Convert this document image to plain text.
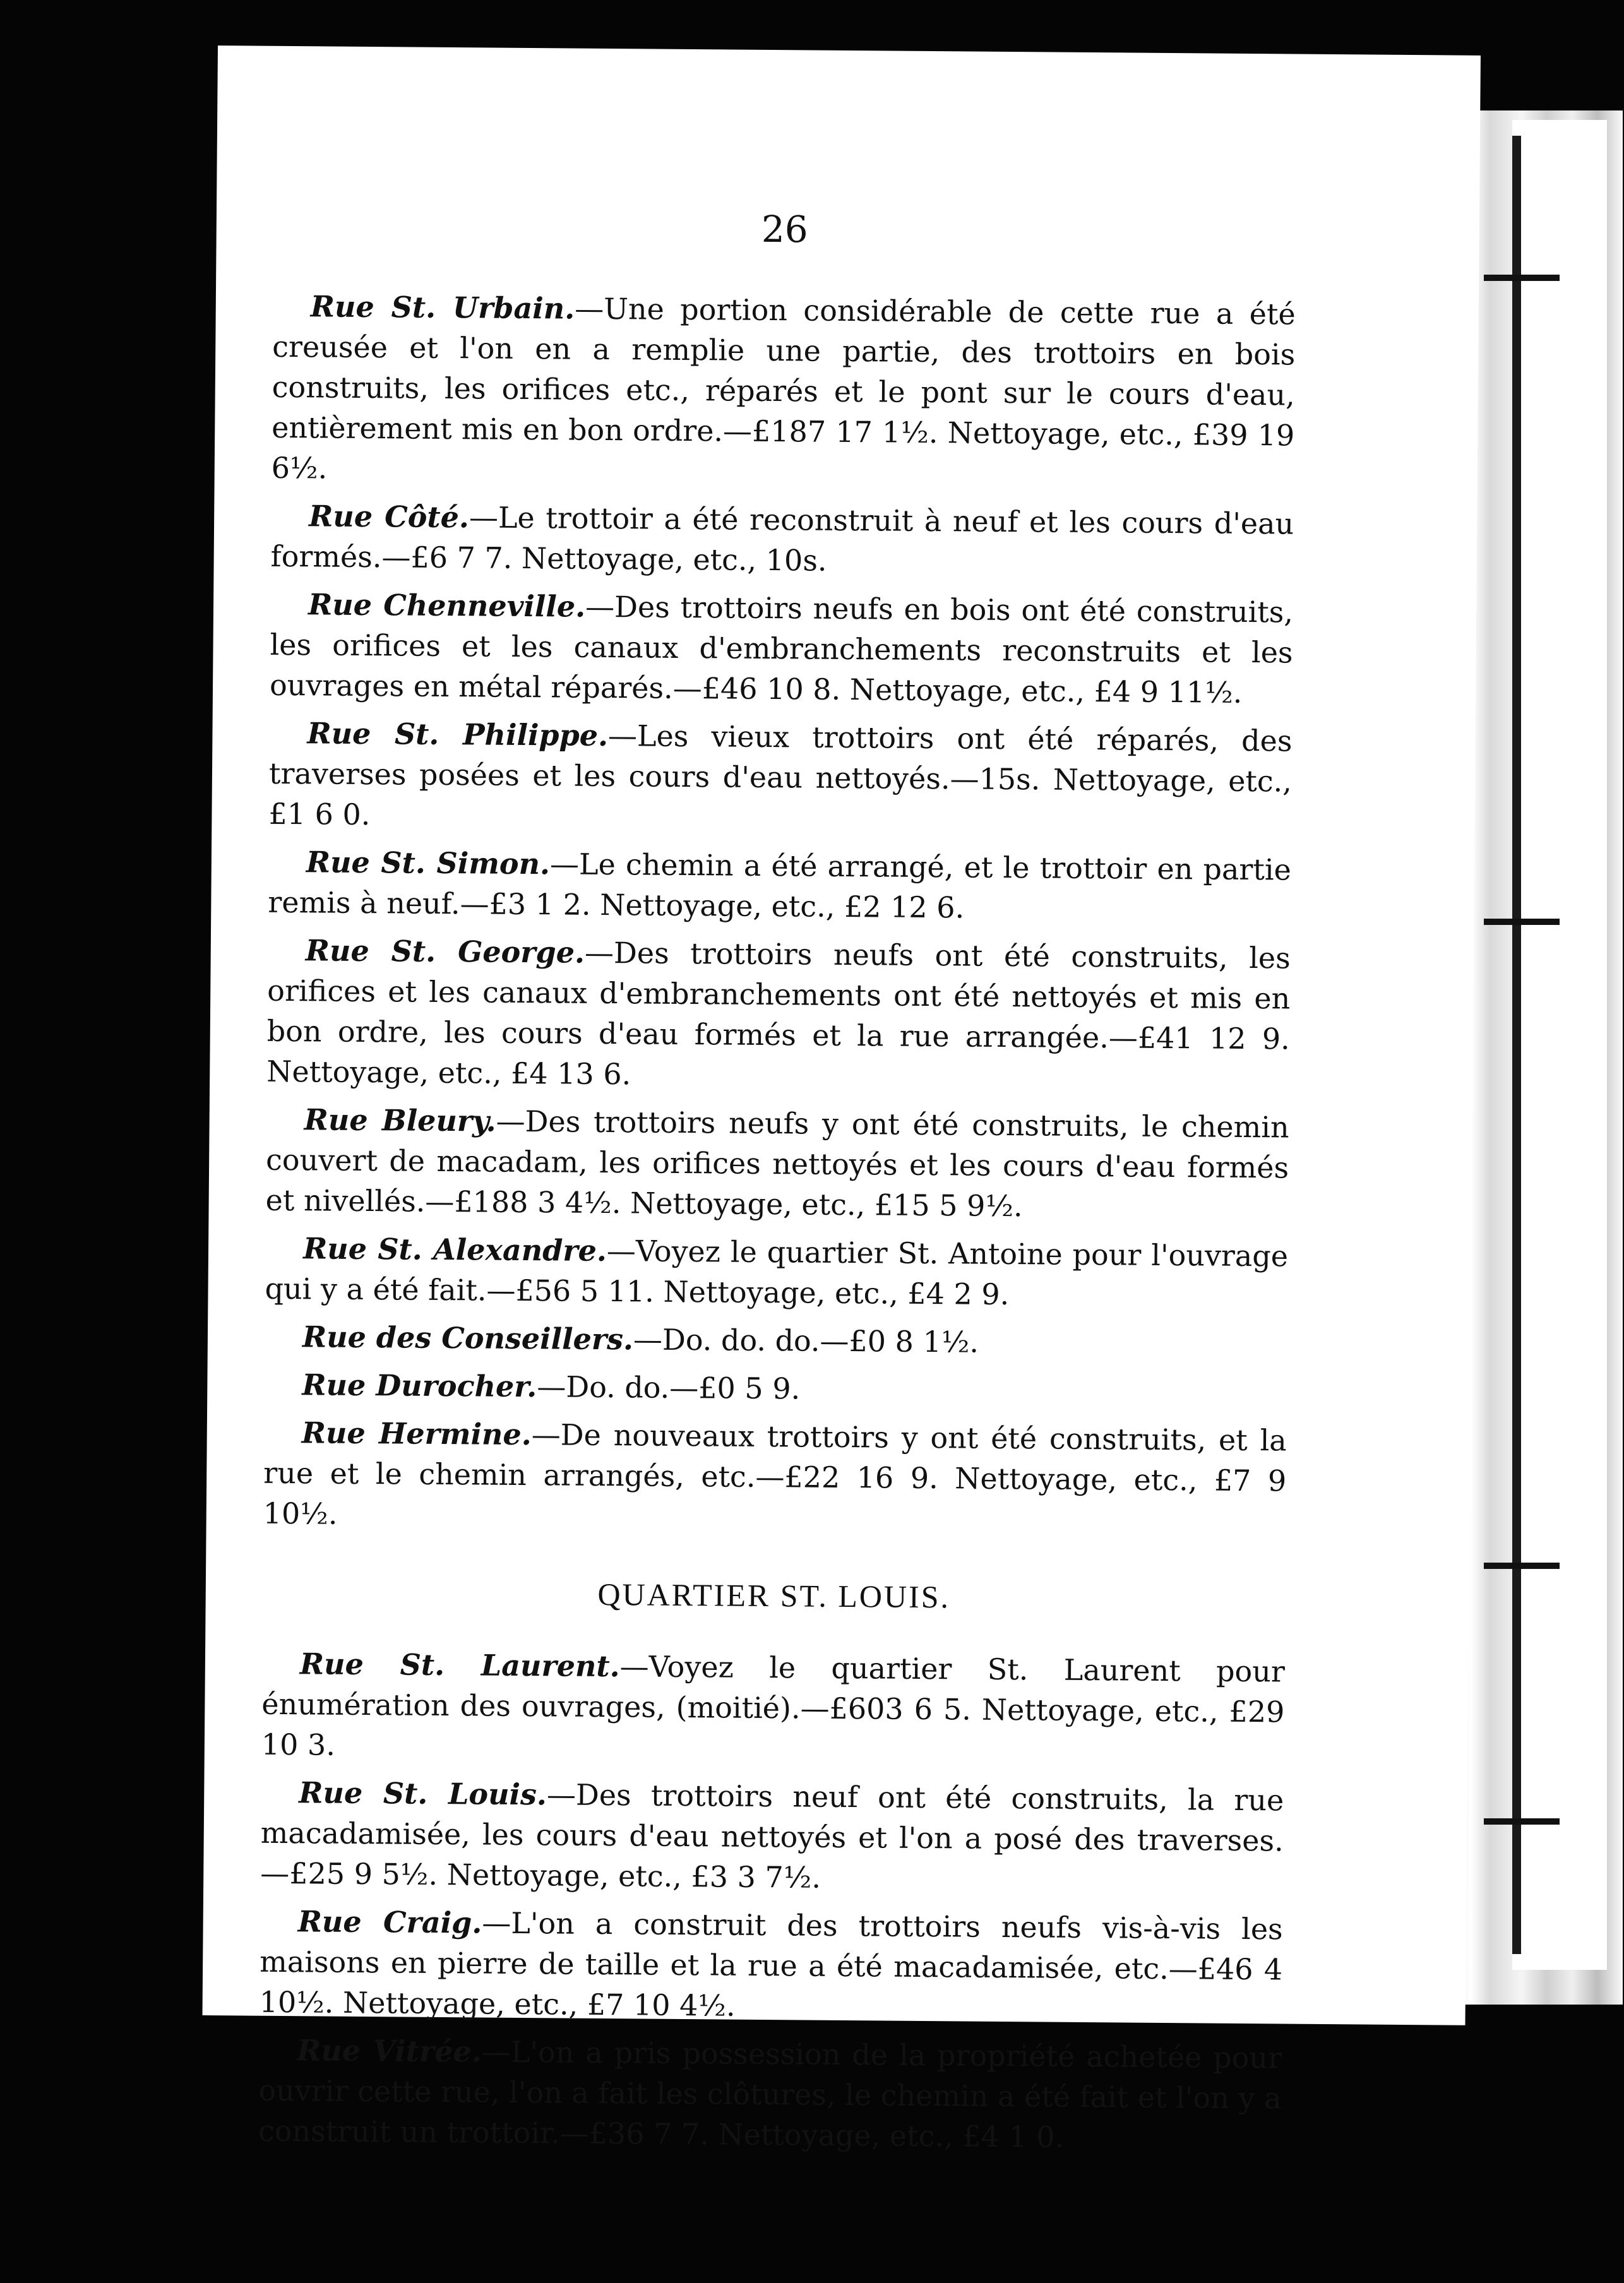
26

Rue St. Urbain.—Une portion considérable de cette rue a été creusée et l'on en a remplie une partie, des trottoirs en bois construits, les orifices etc., réparés et le pont sur le cours d'eau, entièrement mis en bon ordre.—£187 17 1½. Nettoyage, etc., £39 19 6½.

Rue Côté.—Le trottoir a été reconstruit à neuf et les cours d'eau formés.—£6 7 7. Nettoyage, etc., 10s.

Rue Chenneville.—Des trottoirs neufs en bois ont été construits, les orifices et les canaux d'embranchements reconstruits et les ouvrages en métal réparés.—£46 10 8. Nettoyage, etc., £4 9 11½.

Rue St. Philippe.—Les vieux trottoirs ont été réparés, des traverses posées et les cours d'eau nettoyés.—15s. Nettoyage, etc., £1 6 0.

Rue St. Simon.—Le chemin a été arrangé, et le trottoir en partie remis à neuf.—£3 1 2. Nettoyage, etc., £2 12 6.

Rue St. George.—Des trottoirs neufs ont été construits, les orifices et les canaux d'embranchements ont été nettoyés et mis en bon ordre, les cours d'eau formés et la rue arrangée.—£41 12 9. Nettoyage, etc., £4 13 6.

Rue Bleury.—Des trottoirs neufs y ont été construits, le chemin couvert de macadam, les orifices nettoyés et les cours d'eau formés et nivellés.—£188 3 4½. Nettoyage, etc., £15 5 9½.

Rue St. Alexandre.—Voyez le quartier St. Antoine pour l'ouvrage qui y a été fait.—£56 5 11. Nettoyage, etc., £4 2 9.

Rue des Conseillers.—Do. do. do.—£0 8 1½.

Rue Durocher.—Do. do.—£0 5 9.

Rue Hermine.—De nouveaux trottoirs y ont été construits, et la rue et le chemin arrangés, etc.—£22 16 9. Nettoyage, etc., £7 9 10½.

QUARTIER ST. LOUIS.

Rue St. Laurent.—Voyez le quartier St. Laurent pour énumération des ouvrages, (moitié).—£603 6 5. Nettoyage, etc., £29 10 3.

Rue St. Louis.—Des trottoirs neuf ont été construits, la rue macadamisée, les cours d'eau nettoyés et l'on a posé des traverses.—£25 9 5½. Nettoyage, etc., £3 3 7½.

Rue Craig.—L'on a construit des trottoirs neufs vis-à-vis les maisons en pierre de taille et la rue a été macadamisée, etc.—£46 4 10½. Nettoyage, etc., £7 10 4½.

Rue Vitrée.—L'on a pris possession de la propriété achetée pour ouvrir cette rue, l'on a fait les clôtures, le chemin a été fait et l'on y a construit un trottoir.—£36 7 7. Nettoyage, etc., £4 1 0.
